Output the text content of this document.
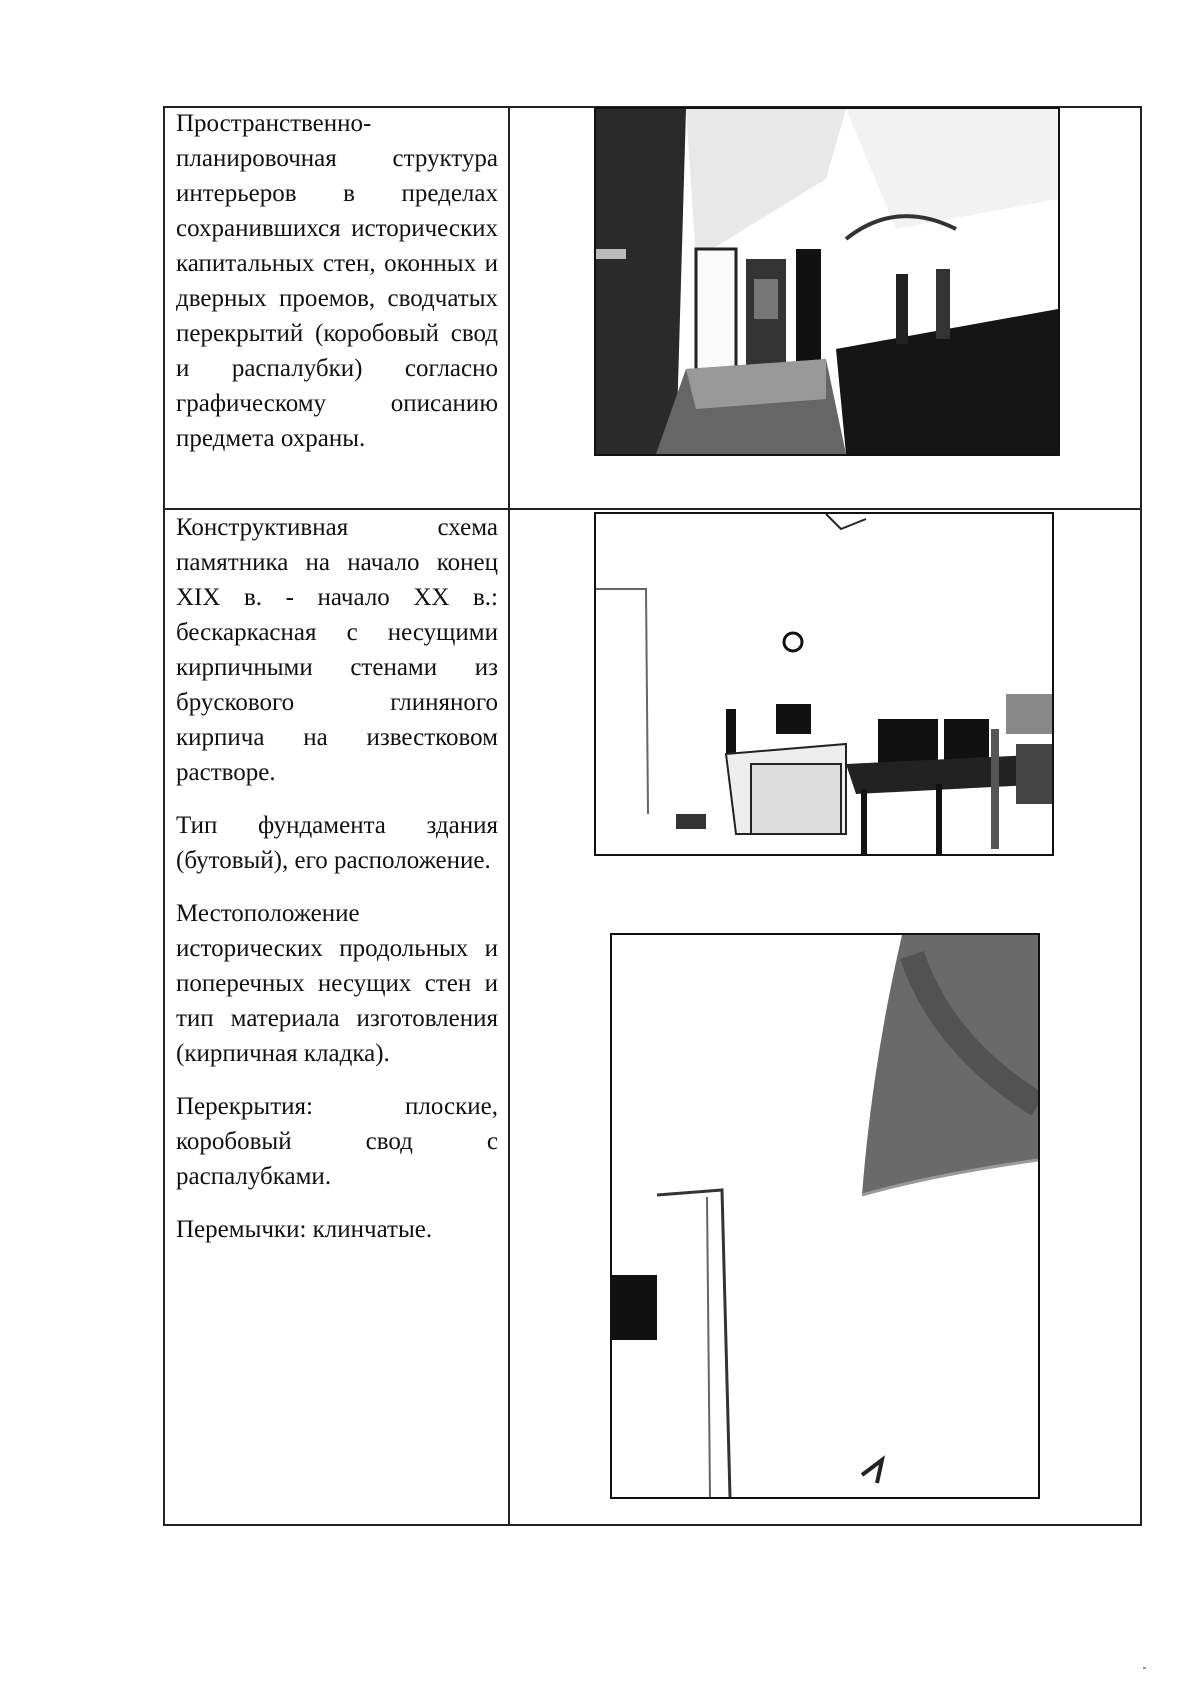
Пространственно-планировочная структура интерьеров в пределах сохранившихся исторических капитальных стен, оконных и дверных проемов, сводчатых перекрытий (коробовый свод и распалубки) согласно графическому описанию предмета охраны.

Конструктивная схема памятника на начало конец XIX в. - начало XX в.: бескаркасная с несущими кирпичными стенами из брускового глиняного кирпича на известковом растворе.

Тип фундамента здания (бутовый), его расположение.

Местоположение исторических продольных и поперечных несущих стен и тип материала изготовления (кирпичная кладка).

Перекрытия: плоские, коробовый свод с распалубками.

Перемычки: клинчатые.
